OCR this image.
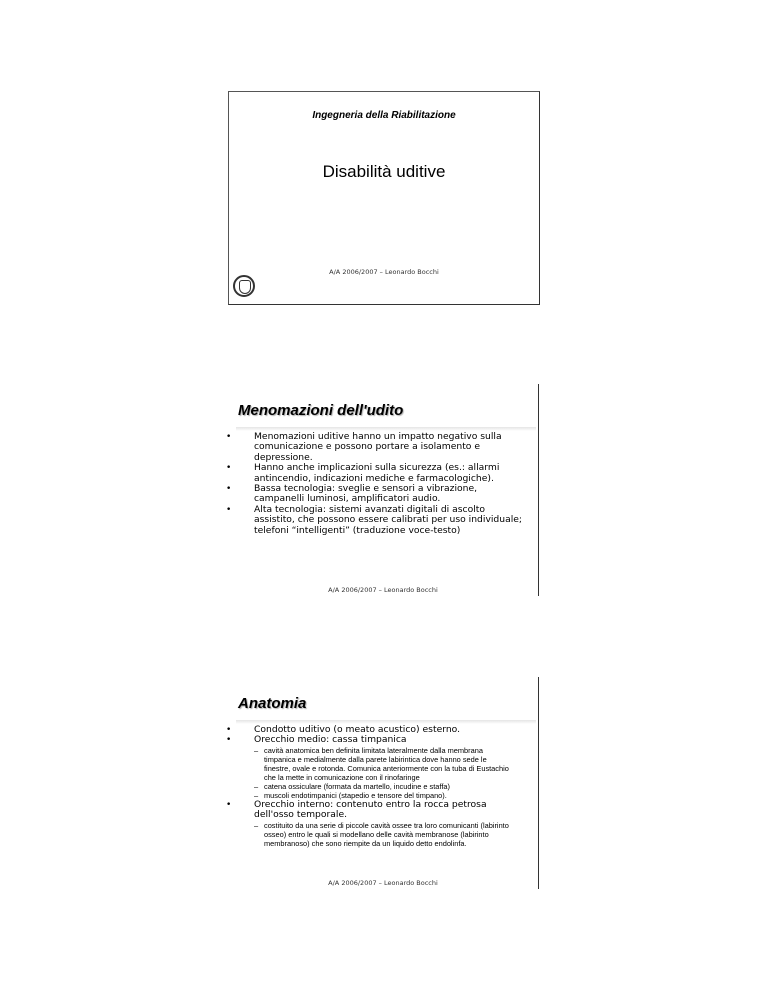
Ingegneria della Riabilitazione
Disabilità uditive
A/A 2006/2007 – Leonardo Bocchi
Menomazioni dell'udito
• Menomazioni uditive hanno un impatto negativo sulla comunicazione e possono portare a isolamento e depressione.
• Hanno anche implicazioni sulla sicurezza (es.: allarmi antincendio, indicazioni mediche e farmacologiche).
• Bassa tecnologia: sveglie e sensori a vibrazione, campanelli luminosi, amplificatori audio.
• Alta tecnologia: sistemi avanzati digitali di ascolto assistito, che possono essere calibrati per uso individuale; telefoni “intelligenti” (traduzione voce-testo)
A/A 2006/2007 – Leonardo Bocchi
Anatomia
• Condotto uditivo (o meato acustico) esterno.
• Orecchio medio: cassa timpanica
– cavità anatomica ben definita limitata lateralmente dalla membrana timpanica e medialmente dalla parete labirintica dove hanno sede le finestre, ovale e rotonda. Comunica anteriormente con la tuba di Eustachio che la mette in comunicazione con il rinofaringe
– catena ossiculare (formata da martello, incudine e staffa)
– muscoli endotimpanici (stapedio e tensore del timpano).
• Orecchio interno: contenuto entro la rocca petrosa dell'osso temporale.
– costituito da una serie di piccole cavità ossee tra loro comunicanti (labirinto osseo) entro le quali si modellano delle cavità membranose (labirinto membranoso) che sono riempite da un liquido detto endolinfa.
A/A 2006/2007 – Leonardo Bocchi
